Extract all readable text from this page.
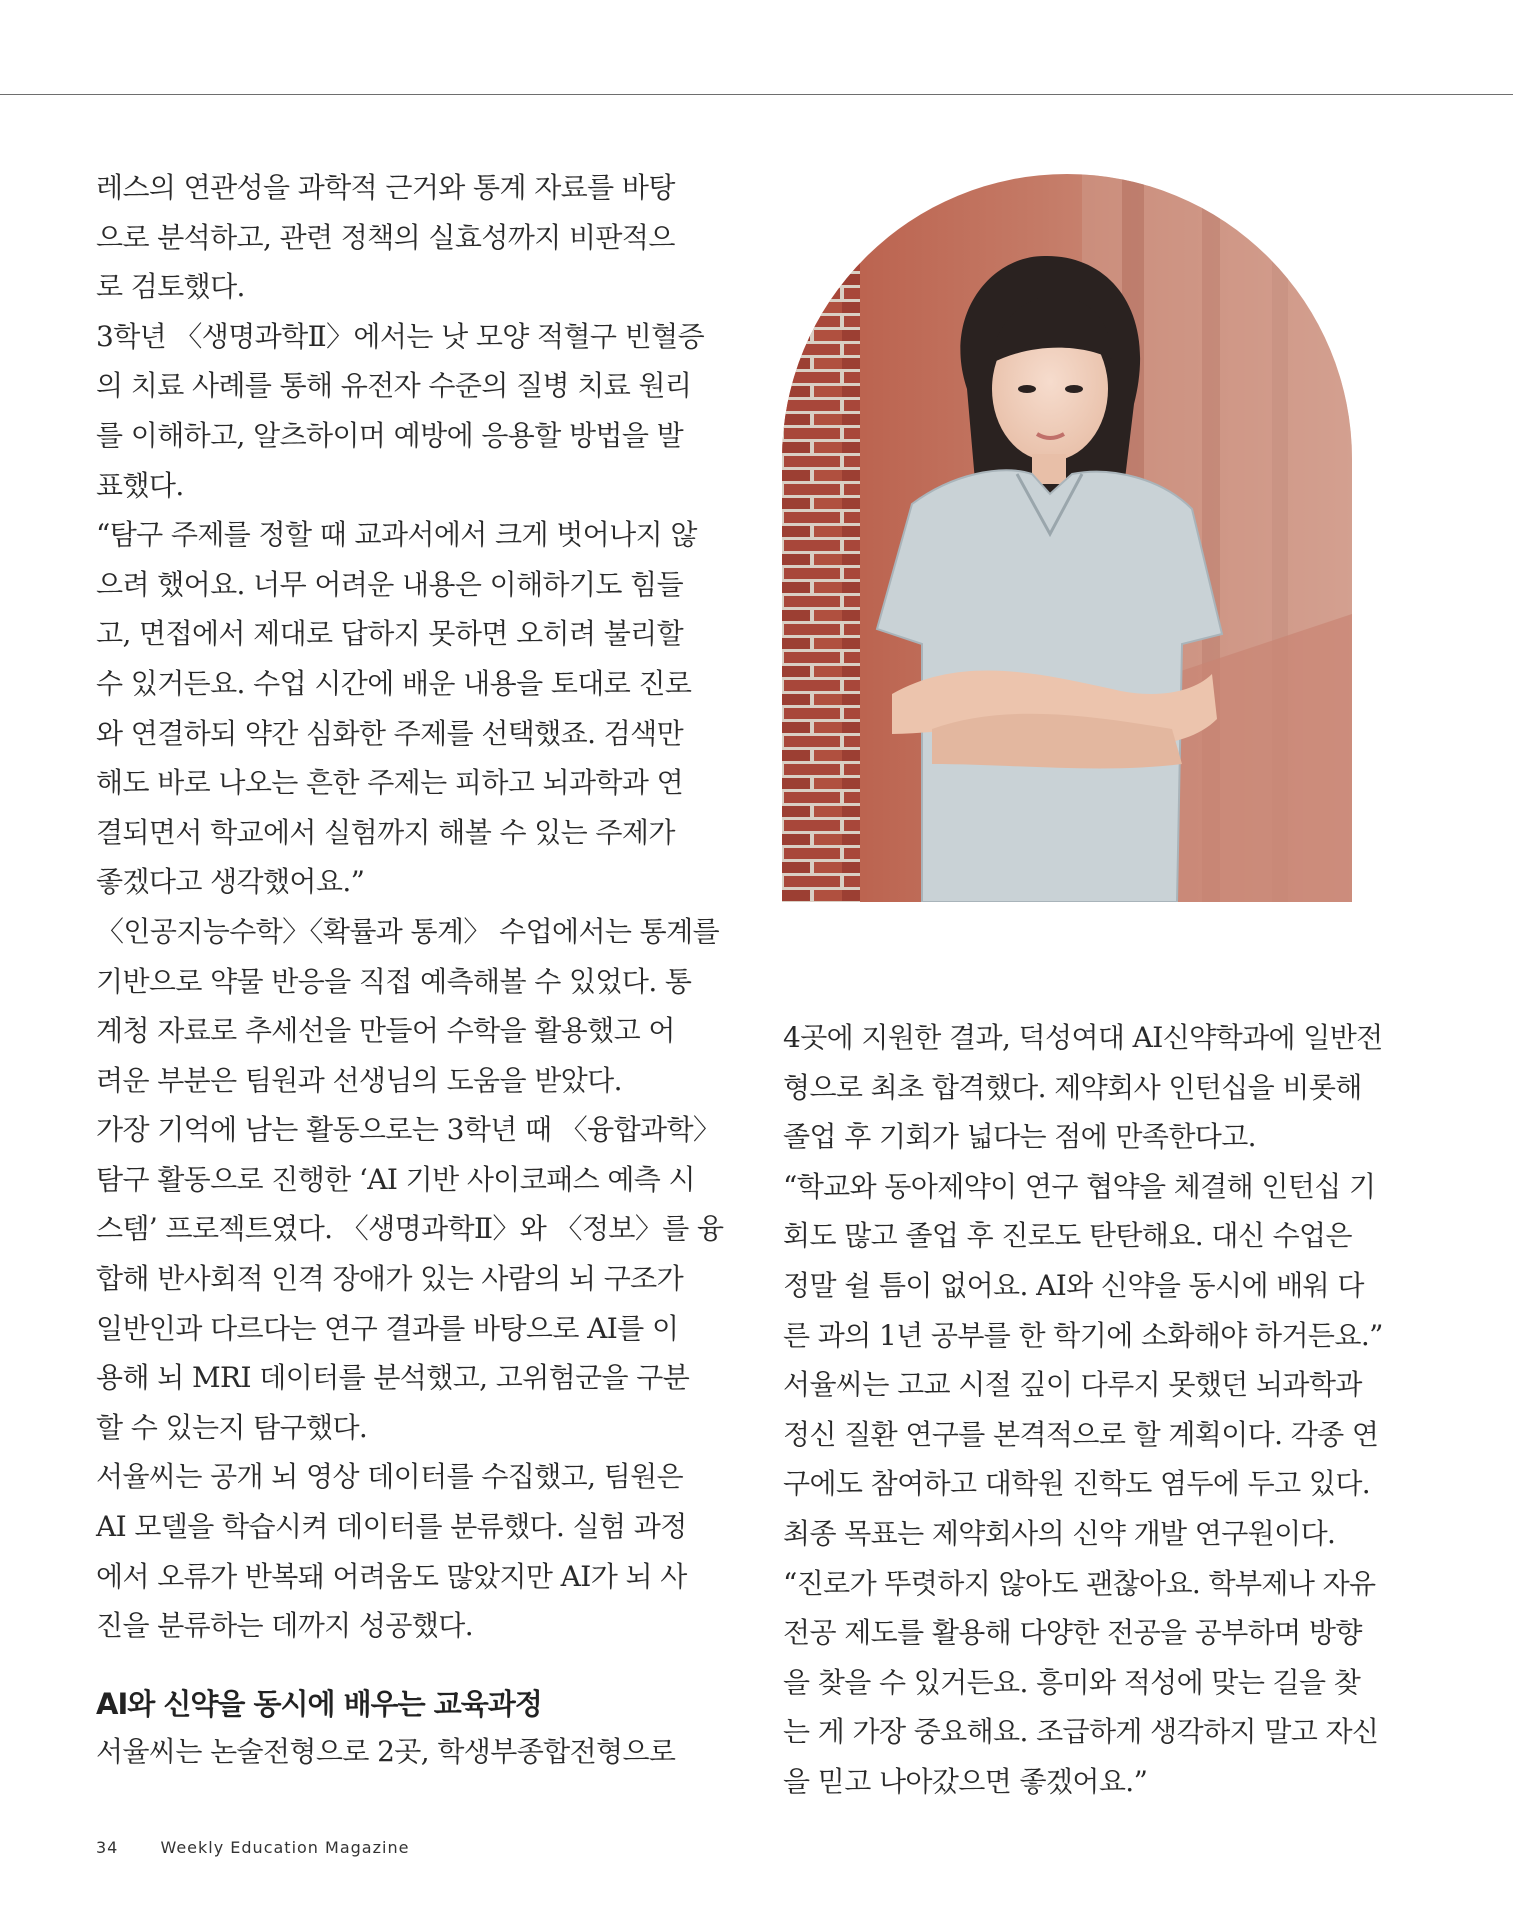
레스의 연관성을 과학적 근거와 통계 자료를 바탕

으로 분석하고, 관련 정책의 실효성까지 비판적으

로 검토했다.

3학년 〈생명과학Ⅱ〉에서는 낫 모양 적혈구 빈혈증

의 치료 사례를 통해 유전자 수준의 질병 치료 원리

를 이해하고, 알츠하이머 예방에 응용할 방법을 발

표했다.

“탐구 주제를 정할 때 교과서에서 크게 벗어나지 않

으려 했어요. 너무 어려운 내용은 이해하기도 힘들

고, 면접에서 제대로 답하지 못하면 오히려 불리할

수 있거든요. 수업 시간에 배운 내용을 토대로 진로

와 연결하되 약간 심화한 주제를 선택했죠. 검색만

해도 바로 나오는 흔한 주제는 피하고 뇌과학과 연

결되면서 학교에서 실험까지 해볼 수 있는 주제가

좋겠다고 생각했어요.”

〈인공지능수학〉〈확률과 통계〉 수업에서는 통계를

기반으로 약물 반응을 직접 예측해볼 수 있었다. 통

계청 자료로 추세선을 만들어 수학을 활용했고 어

려운 부분은 팀원과 선생님의 도움을 받았다.

가장 기억에 남는 활동으로는 3학년 때 〈융합과학〉

탐구 활동으로 진행한 ‘AI 기반 사이코패스 예측 시

스템’ 프로젝트였다. 〈생명과학Ⅱ〉와 〈정보〉를 융

합해 반사회적 인격 장애가 있는 사람의 뇌 구조가

일반인과 다르다는 연구 결과를 바탕으로 AI를 이

용해 뇌 MRI 데이터를 분석했고, 고위험군을 구분

할 수 있는지 탐구했다.

서율씨는 공개 뇌 영상 데이터를 수집했고, 팀원은

AI 모델을 학습시켜 데이터를 분류했다. 실험 과정

에서 오류가 반복돼 어려움도 많았지만 AI가 뇌 사

진을 분류하는 데까지 성공했다.

AI와 신약을 동시에 배우는 교육과정

서율씨는 논술전형으로 2곳, 학생부종합전형으로

4곳에 지원한 결과, 덕성여대 AI신약학과에 일반전

형으로 최초 합격했다. 제약회사 인턴십을 비롯해

졸업 후 기회가 넓다는 점에 만족한다고.

“학교와 동아제약이 연구 협약을 체결해 인턴십 기

회도 많고 졸업 후 진로도 탄탄해요. 대신 수업은

정말 쉴 틈이 없어요. AI와 신약을 동시에 배워 다

른 과의 1년 공부를 한 학기에 소화해야 하거든요.”

서율씨는 고교 시절 깊이 다루지 못했던 뇌과학과

정신 질환 연구를 본격적으로 할 계획이다. 각종 연

구에도 참여하고 대학원 진학도 염두에 두고 있다.

최종 목표는 제약회사의 신약 개발 연구원이다.

“진로가 뚜렷하지 않아도 괜찮아요. 학부제나 자유

전공 제도를 활용해 다양한 전공을 공부하며 방향

을 찾을 수 있거든요. 흥미와 적성에 맞는 길을 찾

는 게 가장 중요해요. 조급하게 생각하지 말고 자신

을 믿고 나아갔으면 좋겠어요.”

34	Weekly Education Magazine
